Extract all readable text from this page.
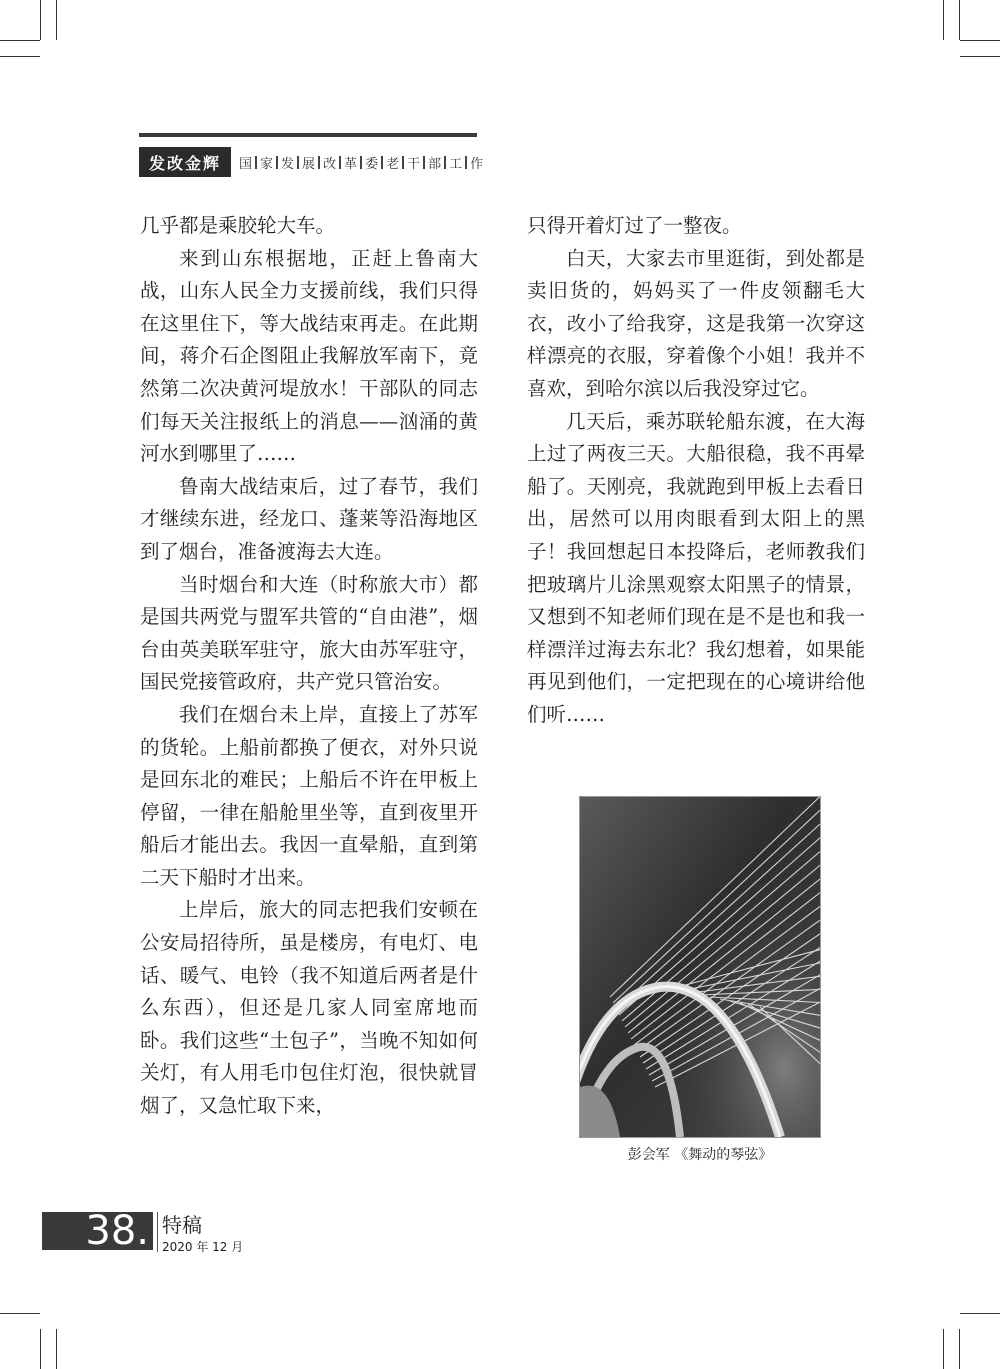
发改金辉	国 家 发 展 改 革 委 老 干 部 工 作

几乎都是乘胶轮大车。

来到山东根据地，正赶上鲁南大战，山东人民全力支援前线，我们只得在这里住下，等大战结束再走。在此期间，蒋介石企图阻止我解放军南下，竟然第二次决黄河堤放水！干部队的同志们每天关注报纸上的消息——汹涌的黄河水到哪里了……

鲁南大战结束后，过了春节，我们才继续东进，经龙口、蓬莱等沿海地区到了烟台，准备渡海去大连。

当时烟台和大连（时称旅大市）都是国共两党与盟军共管的“自由港”，烟台由英美联军驻守，旅大由苏军驻守，国民党接管政府，共产党只管治安。

我们在烟台未上岸，直接上了苏军的货轮。上船前都换了便衣，对外只说是回东北的难民；上船后不许在甲板上停留，一律在船舱里坐等，直到夜里开船后才能出去。我因一直晕船，直到第二天下船时才出来。

上岸后，旅大的同志把我们安顿在公安局招待所，虽是楼房，有电灯、电话、暖气、电铃（我不知道后两者是什么东西），但还是几家人同室席地而卧。我们这些“土包子”，当晚不知如何关灯，有人用毛巾包住灯泡，很快就冒烟了，又急忙取下来，

只得开着灯过了一整夜。

白天，大家去市里逛街，到处都是卖旧货的，妈妈买了一件皮领翻毛大衣，改小了给我穿，这是我第一次穿这样漂亮的衣服，穿着像个小姐！我并不喜欢，到哈尔滨以后我没穿过它。

几天后，乘苏联轮船东渡，在大海上过了两夜三天。大船很稳，我不再晕船了。天刚亮，我就跑到甲板上去看日出，居然可以用肉眼看到太阳上的黑子！我回想起日本投降后，老师教我们把玻璃片儿涂黑观察太阳黑子的情景，又想到不知老师们现在是不是也和我一样漂洋过海去东北？我幻想着，如果能再见到他们，一定把现在的心境讲给他们听……

彭会军 《舞动的琴弦》
38. 特稿
2020 年 12 月
